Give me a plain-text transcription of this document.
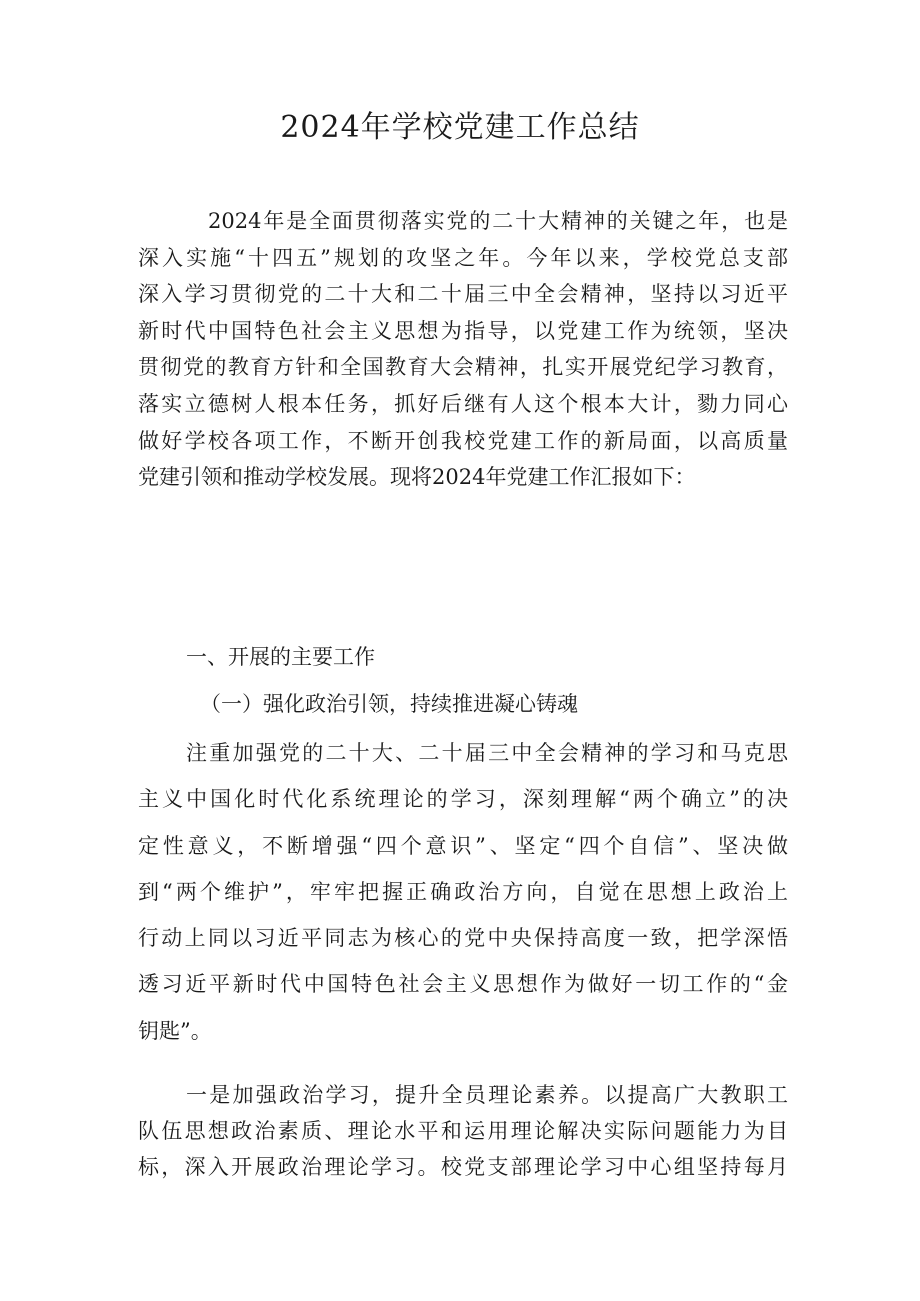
2024年学校党建工作总结
2024年是全面贯彻落实党的二十大精神的关键之年，也是
深入实施“十四五”规划的攻坚之年。今年以来，学校党总支部
深入学习贯彻党的二十大和二十届三中全会精神，坚持以习近平
新时代中国特色社会主义思想为指导，以党建工作为统领，坚决
贯彻党的教育方针和全国教育大会精神，扎实开展党纪学习教育，
落实立德树人根本任务，抓好后继有人这个根本大计，勠力同心
做好学校各项工作，不断开创我校党建工作的新局面，以高质量
党建引领和推动学校发展。现将2024年党建工作汇报如下：
一、开展的主要工作
（一）强化政治引领，持续推进凝心铸魂
注重加强党的二十大、二十届三中全会精神的学习和马克思
主义中国化时代化系统理论的学习，深刻理解“两个确立”的决
定性意义，不断增强“四个意识”、坚定“四个自信”、坚决做
到“两个维护”，牢牢把握正确政治方向，自觉在思想上政治上
行动上同以习近平同志为核心的党中央保持高度一致，把学深悟
透习近平新时代中国特色社会主义思想作为做好一切工作的“金
钥匙”。
一是加强政治学习，提升全员理论素养。以提高广大教职工
队伍思想政治素质、理论水平和运用理论解决实际问题能力为目
标，深入开展政治理论学习。校党支部理论学习中心组坚持每月
